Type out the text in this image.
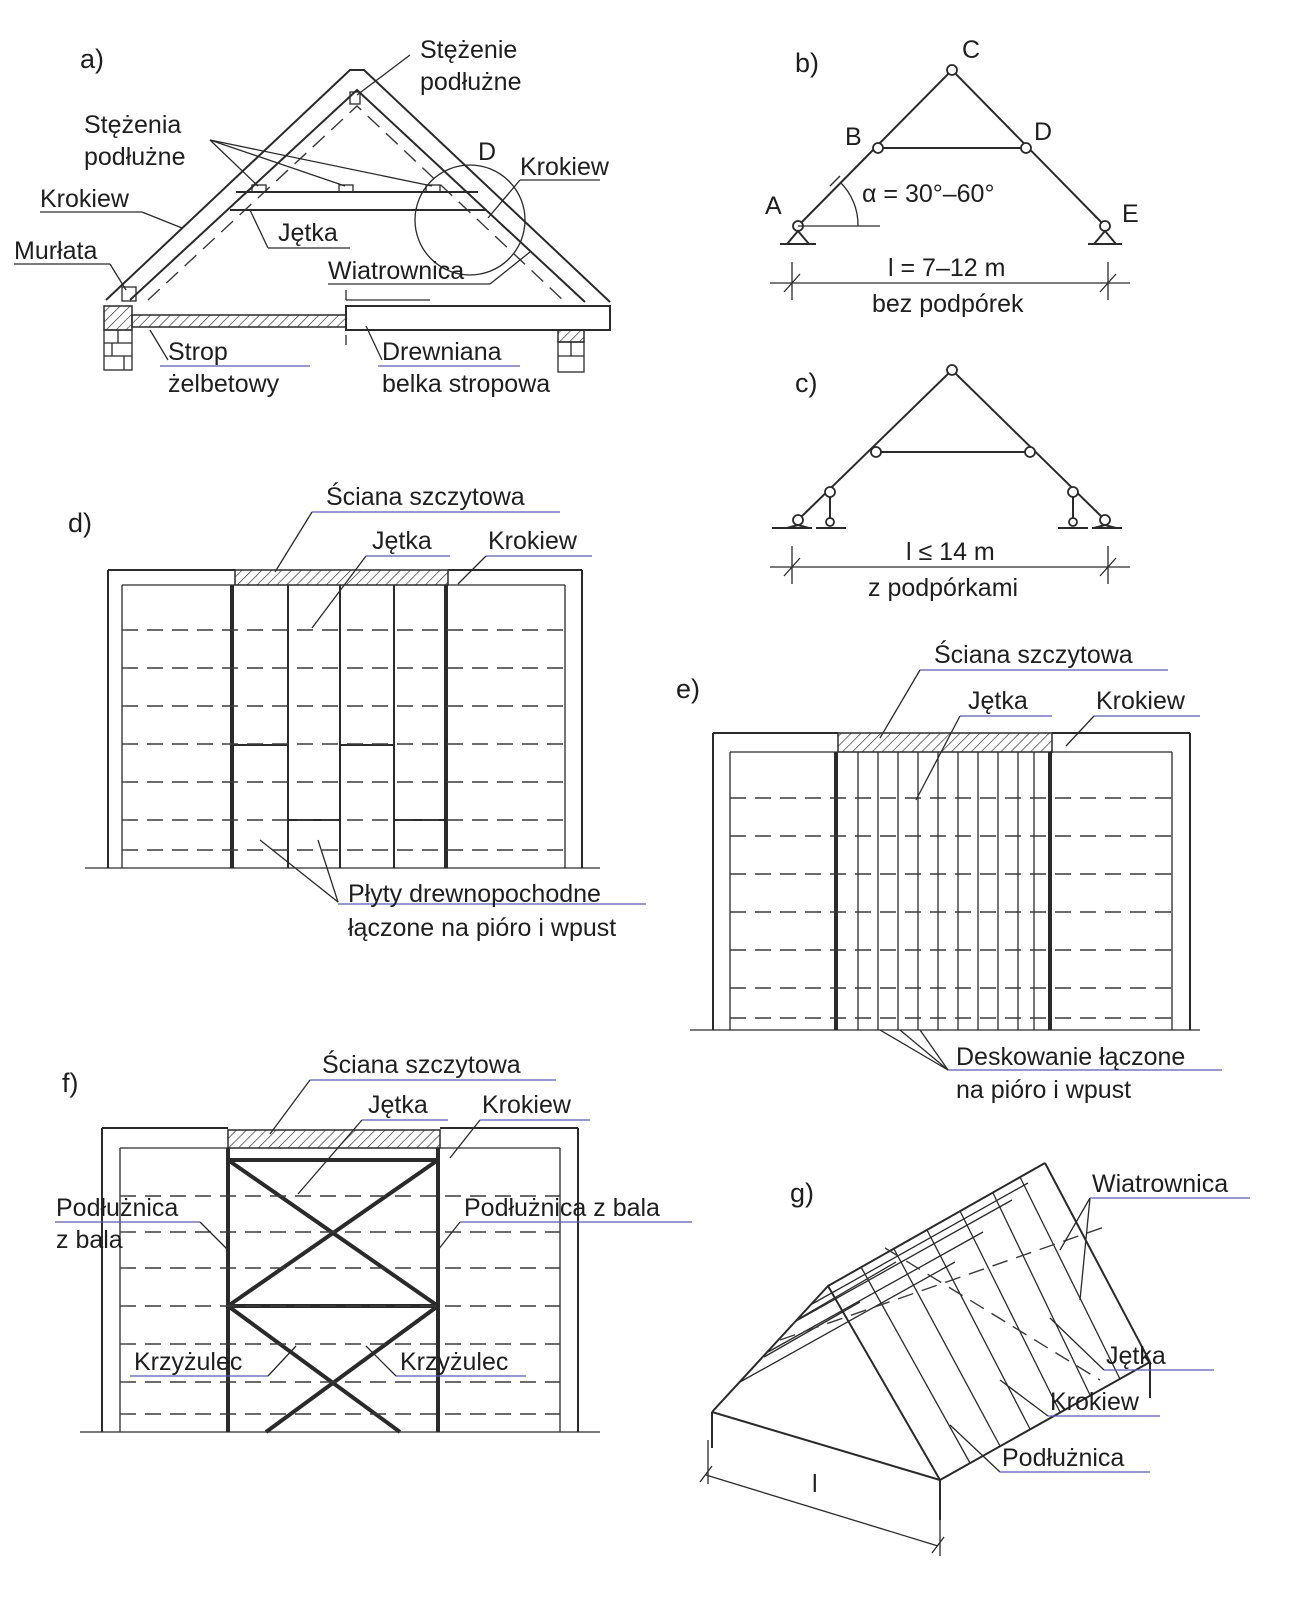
a)	Stężenie
podłużne
Stężenia
podłużne
Krokiew
Murłata
Jętka
Wiatrownica
D
Krokiew
Strop
żelbetowy
Drewniana
belka stropowa
b)
A
B
C
D
E
α = 30°–60°
l = 7–12 m
bez podpórek
c)
l ≤ 14 m
z podpórkami
d)
Ściana szczytowa
Jętka Krokiew
Płyty drewnopochodne
łączone na pióro i wpust
e)
Ściana szczytowa
Jętka	Krokiew
Deskowanie łączone
na pióro i wpust
f)
Ściana szczytowa
Jętka Krokiew
Podłużnica
z bala
Podłużnica z bala
Krzyżulec	Krzyżulec
g)
l
Wiatrownica
Jętka
Krokiew
Podłużnica
